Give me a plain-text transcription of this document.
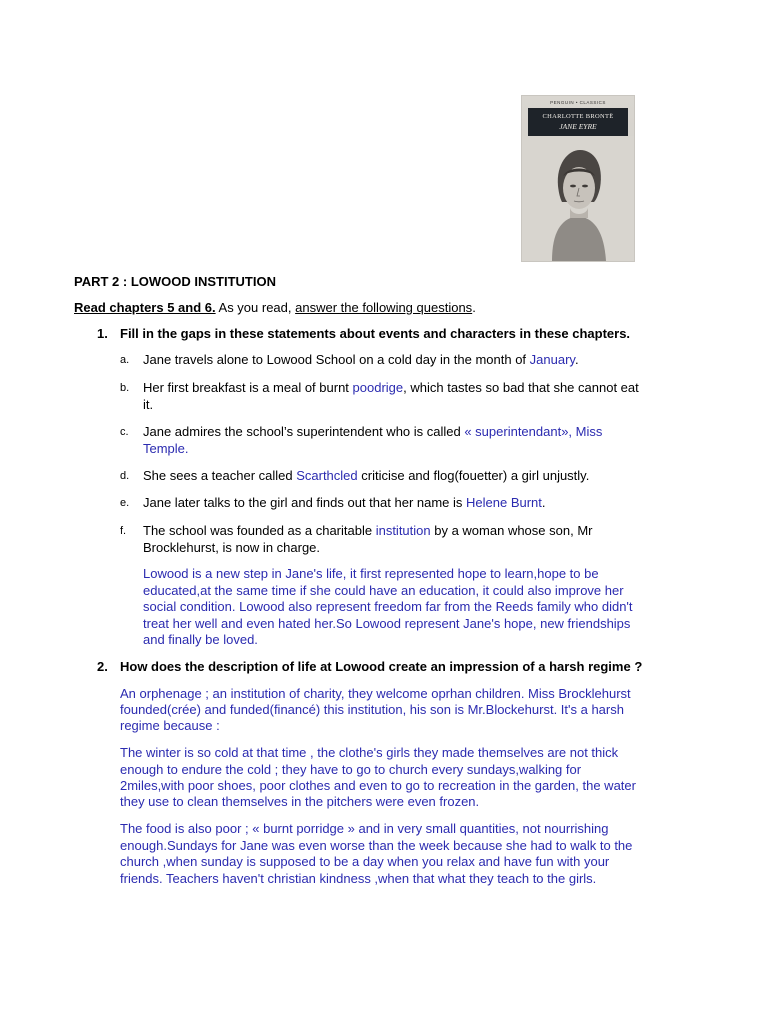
PENGUIN • CLASSICS
CHARLOTTE BRONTË
JANE EYRE
PART 2 : LOWOOD INSTITUTION
Read chapters 5 and 6. As you read, answer the following questions.
1. Fill in the gaps in these statements about events and characters in these chapters.
a. Jane travels alone to Lowood School on a cold day in the month of January.
b. Her first breakfast is a meal of burnt poodrige, which tastes so bad that she cannot eat
it.
c. Jane admires the school’s superintendent who is called « superintendant», Miss
Temple.
d. She sees a teacher called Scarthcled criticise and flog(fouetter) a girl unjustly.
e. Jane later talks to the girl and finds out that her name is Helene Burnt.
f. The school was founded as a charitable institution by a woman whose son, Mr
Brocklehurst, is now in charge.
Lowood is a new step in Jane's life, it first represented hope to learn,hope to be
educated,at the same time if she could have an education, it could also improve her
social condition. Lowood also represent freedom far from the Reeds family who didn't
treat her well and even hated her.So Lowood represent Jane's hope, new friendships
and finally be loved.
2. How does the description of life at Lowood create an impression of a harsh regime ?
An orphenage ; an institution of charity, they welcome oprhan children. Miss Brocklehurst
founded(crée) and funded(financé) this institution, his son is Mr.Blockehurst. It's a harsh
regime because :
The winter is so cold at that time , the clothe's girls they made themselves are not thick
enough to endure the cold ; they have to go to church every sundays,walking for
2miles,with poor shoes, poor clothes and even to go to recreation in the garden, the water
they use to clean themselves in the pitchers were even frozen.
The food is also poor ; « burnt porridge » and in very small quantities, not nourrishing
enough.Sundays for Jane was even worse than the week because she had to walk to the
church ,when sunday is supposed to be a day when you relax and have fun with your
friends. Teachers haven't christian kindness ,when that what they teach to the girls.
